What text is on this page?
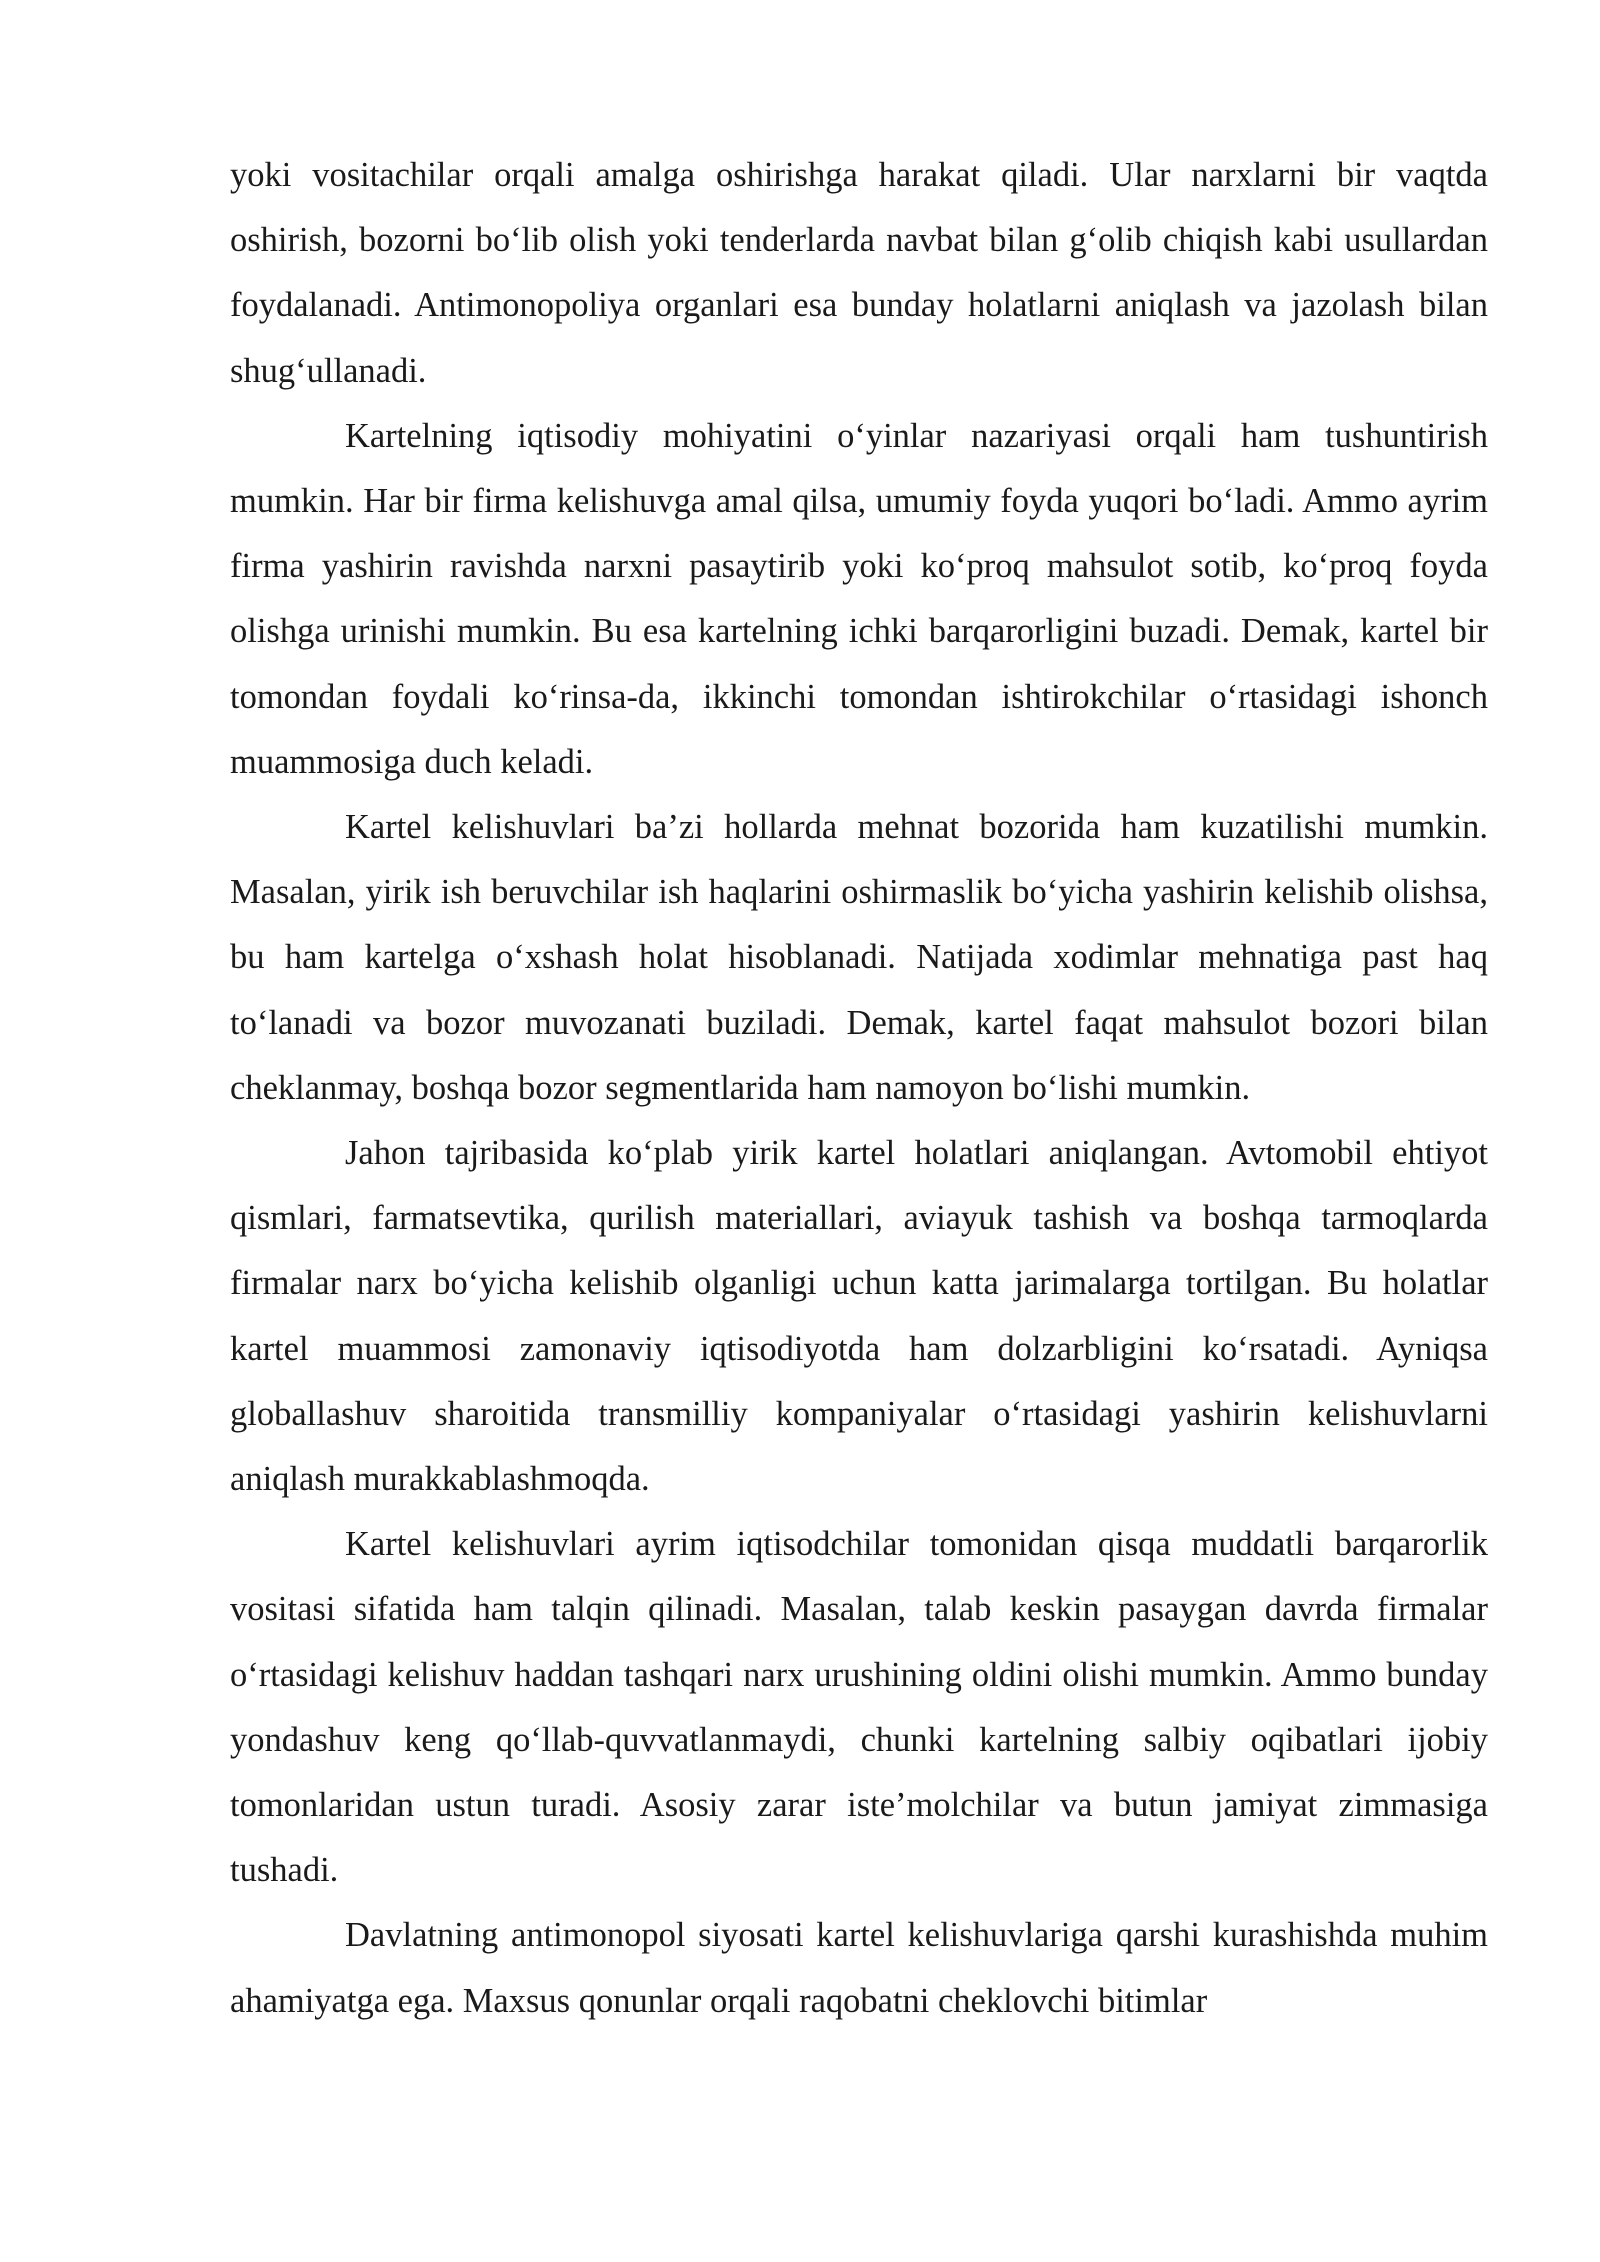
yoki vositachilar orqali amalga oshirishga harakat qiladi. Ular narxlarni bir vaqtda oshirish, bozorni bo‘lib olish yoki tenderlarda navbat bilan g‘olib chiqish kabi usullardan foydalanadi. Antimonopoliya organlari esa bunday holatlarni aniqlash va jazolash bilan shug‘ullanadi.

Kartelning iqtisodiy mohiyatini o‘yinlar nazariyasi orqali ham tushuntirish mumkin. Har bir firma kelishuvga amal qilsa, umumiy foyda yuqori bo‘ladi. Ammo ayrim firma yashirin ravishda narxni pasaytirib yoki ko‘proq mahsulot sotib, ko‘proq foyda olishga urinishi mumkin. Bu esa kartelning ichki barqarorligini buzadi. Demak, kartel bir tomondan foydali ko‘rinsa-da, ikkinchi tomondan ishtirokchilar o‘rtasidagi ishonch muammosiga duch keladi.

Kartel kelishuvlari ba’zi hollarda mehnat bozorida ham kuzatilishi mumkin. Masalan, yirik ish beruvchilar ish haqlarini oshirmaslik bo‘yicha yashirin kelishib olishsa, bu ham kartelga o‘xshash holat hisoblanadi. Natijada xodimlar mehnatiga past haq to‘lanadi va bozor muvozanati buziladi. Demak, kartel faqat mahsulot bozori bilan cheklanmay, boshqa bozor segmentlarida ham namoyon bo‘lishi mumkin.

Jahon tajribasida ko‘plab yirik kartel holatlari aniqlangan. Avtomobil ehtiyot qismlari, farmatsevtika, qurilish materiallari, aviayuk tashish va boshqa tarmoqlarda firmalar narx bo‘yicha kelishib olganligi uchun katta jarimalarga tortilgan. Bu holatlar kartel muammosi zamonaviy iqtisodiyotda ham dolzarbligini ko‘rsatadi. Ayniqsa globallashuv sharoitida transmilliy kompaniyalar o‘rtasidagi yashirin kelishuvlarni aniqlash murakkablashmoqda.

Kartel kelishuvlari ayrim iqtisodchilar tomonidan qisqa muddatli barqarorlik vositasi sifatida ham talqin qilinadi. Masalan, talab keskin pasaygan davrda firmalar o‘rtasidagi kelishuv haddan tashqari narx urushining oldini olishi mumkin. Ammo bunday yondashuv keng qo‘llab-quvvatlanmaydi, chunki kartelning salbiy oqibatlari ijobiy tomonlaridan ustun turadi. Asosiy zarar iste’molchilar va butun jamiyat zimmasiga tushadi.

Davlatning antimonopol siyosati kartel kelishuvlariga qarshi kurashishda muhim ahamiyatga ega. Maxsus qonunlar orqali raqobatni cheklovchi bitimlar
